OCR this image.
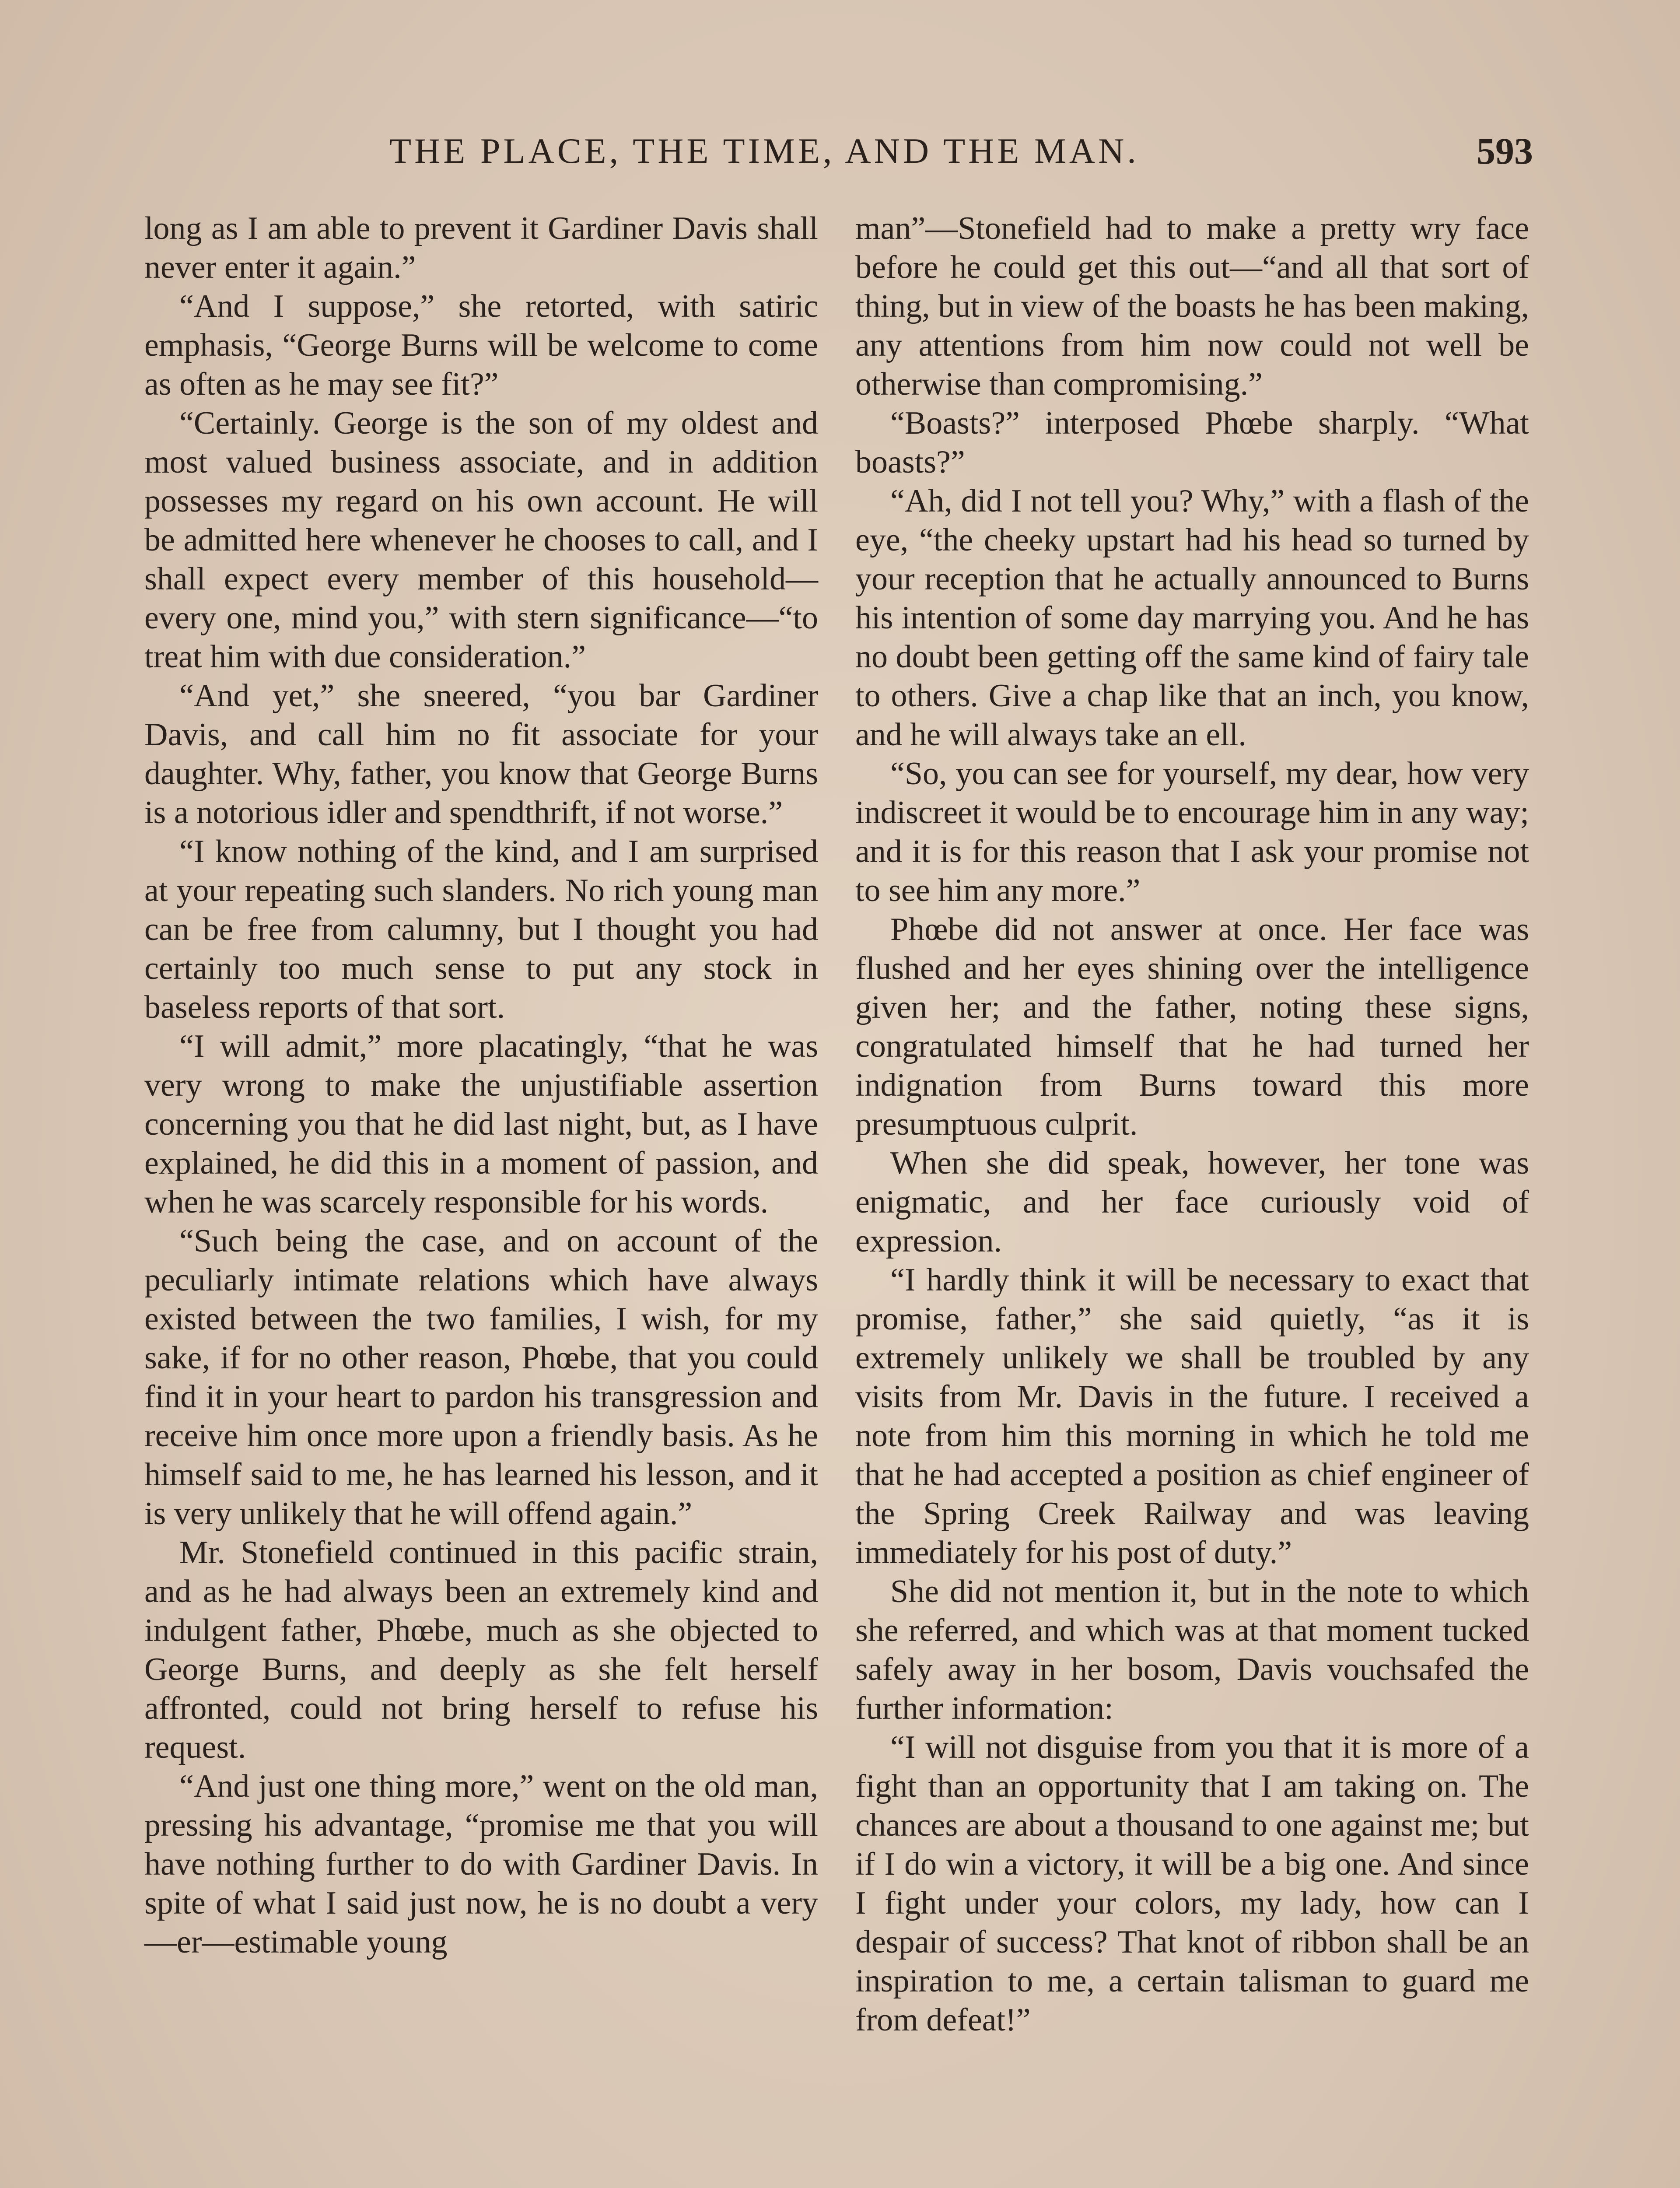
THE PLACE, THE TIME, AND THE MAN.	593

long as I am able to prevent it Gardiner Davis shall never enter it again.”

“And I suppose,” she retorted, with satiric emphasis, “George Burns will be welcome to come as often as he may see fit?”

“Certainly. George is the son of my oldest and most valued business associate, and in addition possesses my regard on his own account. He will be admitted here whenever he chooses to call, and I shall expect every member of this household—every one, mind you,” with stern significance—“to treat him with due consideration.”

“And yet,” she sneered, “you bar Gardiner Davis, and call him no fit associate for your daughter. Why, father, you know that George Burns is a notorious idler and spendthrift, if not worse.”

“I know nothing of the kind, and I am surprised at your repeating such slanders. No rich young man can be free from calumny, but I thought you had certainly too much sense to put any stock in baseless reports of that sort.

“I will admit,” more placatingly, “that he was very wrong to make the unjustifiable assertion concerning you that he did last night, but, as I have explained, he did this in a moment of passion, and when he was scarcely responsible for his words.

“Such being the case, and on account of the peculiarly intimate relations which have always existed between the two families, I wish, for my sake, if for no other reason, Phœbe, that you could find it in your heart to pardon his transgression and receive him once more upon a friendly basis. As he himself said to me, he has learned his lesson, and it is very unlikely that he will offend again.”

Mr. Stonefield continued in this pacific strain, and as he had always been an extremely kind and indulgent father, Phœbe, much as she objected to George Burns, and deeply as she felt herself affronted, could not bring herself to refuse his request.

“And just one thing more,” went on the old man, pressing his advantage, “promise me that you will have nothing further to do with Gardiner Davis. In spite of what I said just now, he is no doubt a very—er—estimable young

man”—Stonefield had to make a pretty wry face before he could get this out—“and all that sort of thing, but in view of the boasts he has been making, any attentions from him now could not well be otherwise than compromising.”

“Boasts?” interposed Phœbe sharply. “What boasts?”

“Ah, did I not tell you? Why,” with a flash of the eye, “the cheeky upstart had his head so turned by your reception that he actually announced to Burns his intention of some day marrying you. And he has no doubt been getting off the same kind of fairy tale to others. Give a chap like that an inch, you know, and he will always take an ell.

“So, you can see for yourself, my dear, how very indiscreet it would be to encourage him in any way; and it is for this reason that I ask your promise not to see him any more.”

Phœbe did not answer at once. Her face was flushed and her eyes shining over the intelligence given her; and the father, noting these signs, congratulated himself that he had turned her indignation from Burns toward this more presumptuous culprit.

When she did speak, however, her tone was enigmatic, and her face curiously void of expression.

“I hardly think it will be necessary to exact that promise, father,” she said quietly, “as it is extremely unlikely we shall be troubled by any visits from Mr. Davis in the future. I received a note from him this morning in which he told me that he had accepted a position as chief engineer of the Spring Creek Railway and was leaving immediately for his post of duty.”

She did not mention it, but in the note to which she referred, and which was at that moment tucked safely away in her bosom, Davis vouchsafed the further information:

“I will not disguise from you that it is more of a fight than an opportunity that I am taking on. The chances are about a thousand to one against me; but if I do win a victory, it will be a big one. And since I fight under your colors, my lady, how can I despair of success? That knot of ribbon shall be an inspiration to me, a certain talisman to guard me from defeat!”
